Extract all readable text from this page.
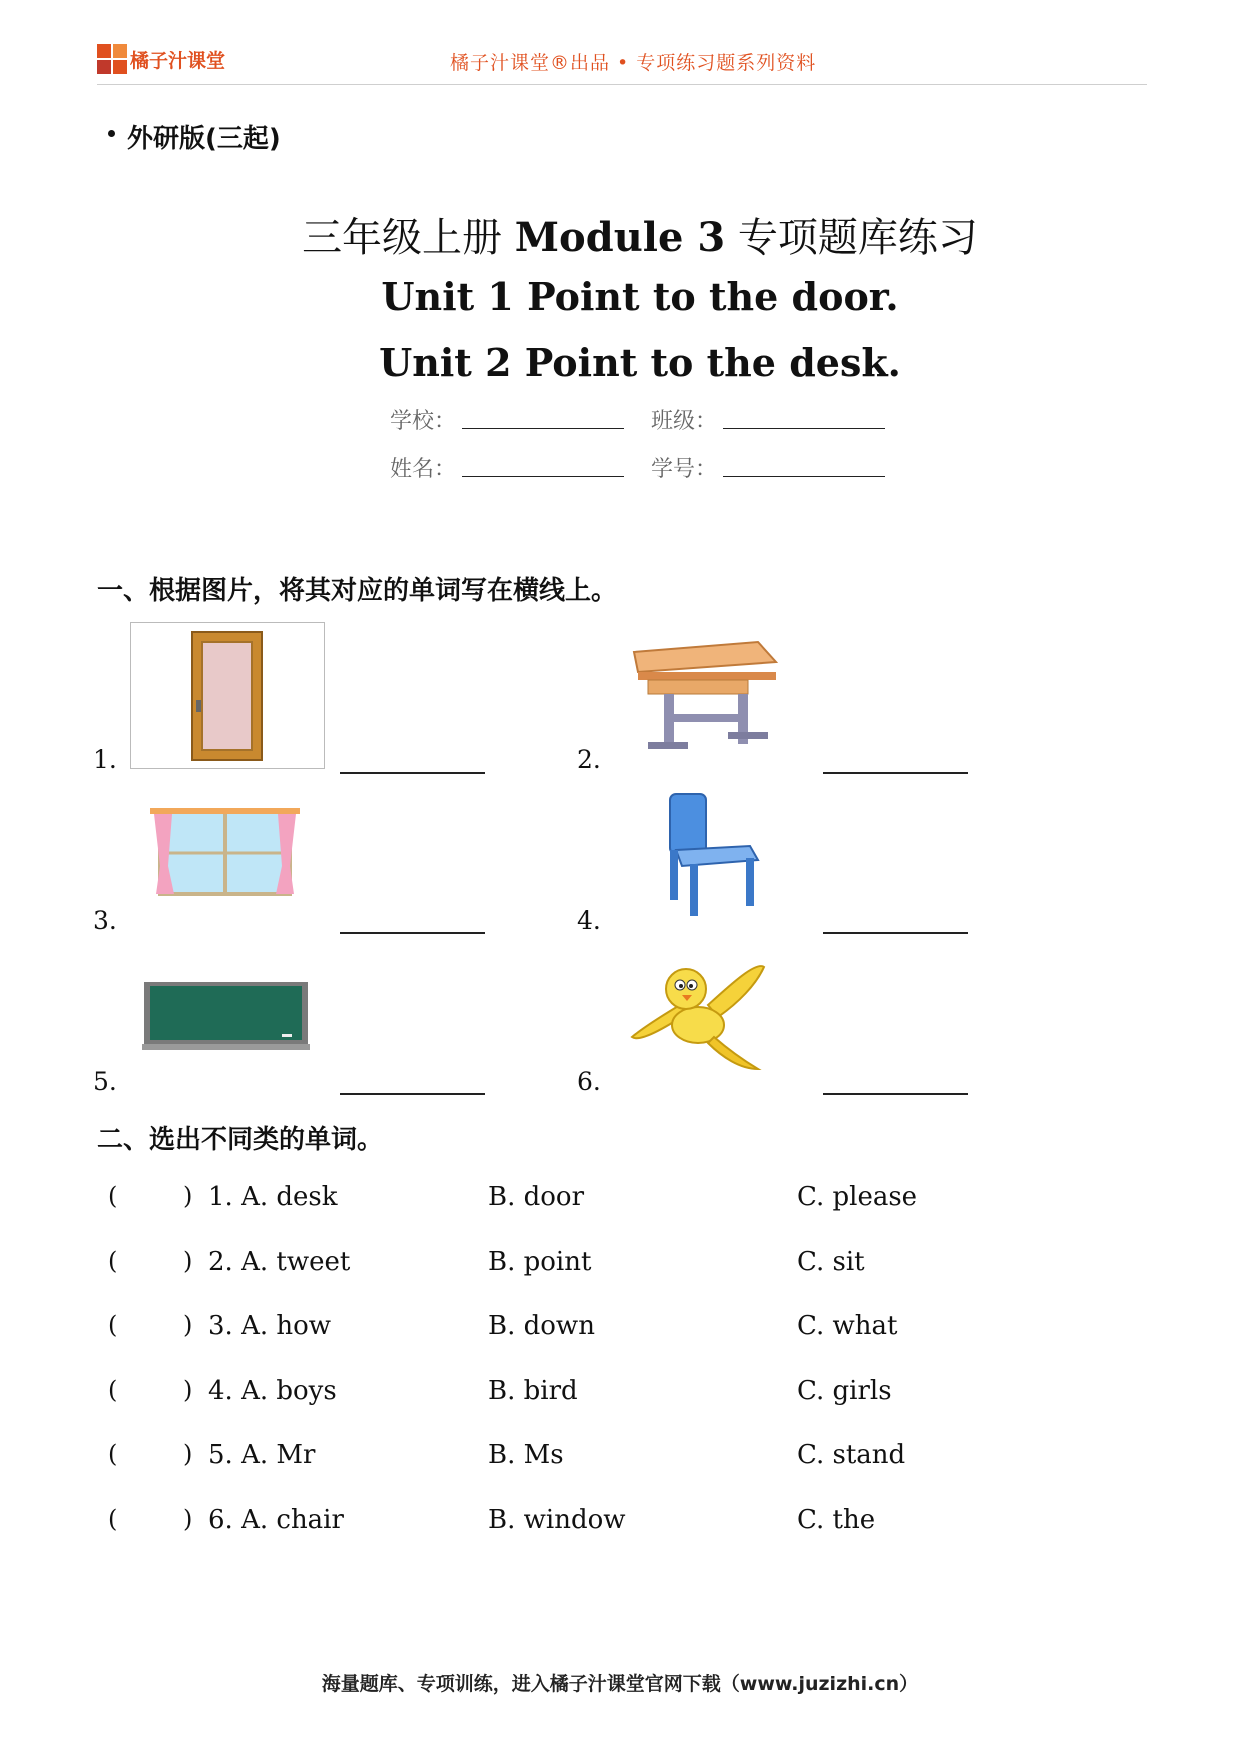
橘子汁课堂	橘子汁课堂®出品 • 专项练习题系列资料
外研版(三起)
三年级上册 Module 3 专项题库练习
Unit 1 Point to the door.
Unit 2 Point to the desk.
学校：	班级：
姓名：	学号：
一、根据图片，将其对应的单词写在横线上。
1.	2.
3.	4.
5.	6.
二、选出不同类的单词。
(	) 1. A. desk	B. door	C. please
(	) 2. A. tweet	B. point	C. sit
(	) 3. A. how	B. down	C. what
(	) 4. A. boys	B. bird	C. girls
(	) 5. A. Mr	B. Ms	C. stand
(	) 6. A. chair	B. window	C. the
海量题库、专项训练，进入橘子汁课堂官网下载（www.juzizhi.cn）
